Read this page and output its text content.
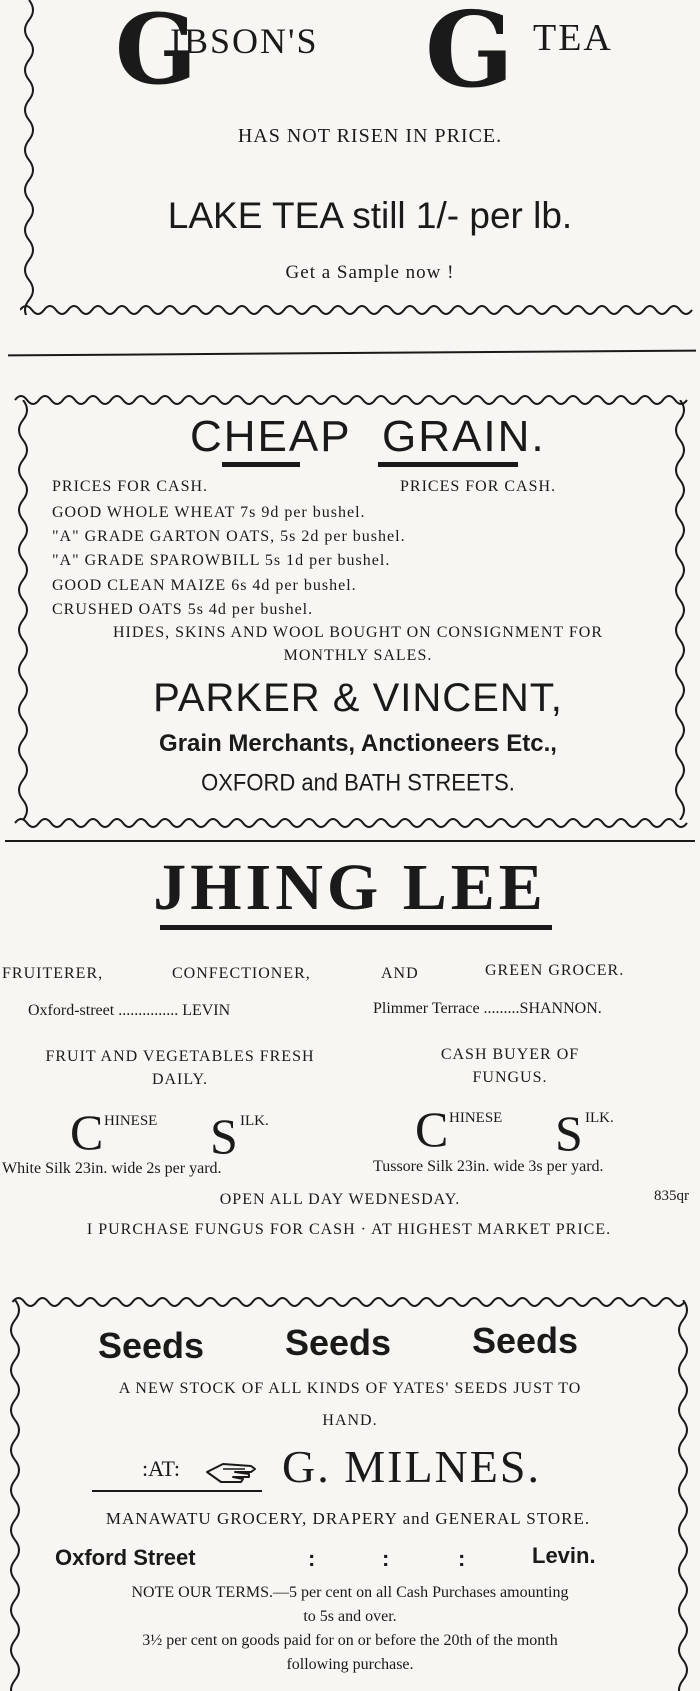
G
IBSON'S G TEA
HAS NOT RISEN IN PRICE.
LAKE TEA still 1/- per lb.
Get a Sample now !
CHEAP GRAIN.
PRICES FOR CASH.	PRICES FOR CASH.
GOOD WHOLE WHEAT 7s 9d per bushel.
"A" GRADE GARTON OATS, 5s 2d per bushel.
"A" GRADE SPAROWBILL 5s 1d per bushel.
GOOD CLEAN MAIZE 6s 4d per bushel.
CRUSHED OATS 5s 4d per bushel.
HIDES, SKINS AND WOOL BOUGHT ON CONSIGNMENT FOR
MONTHLY SALES.
PARKER & VINCENT,
Grain Merchants, Anctioneers Etc.,
OXFORD and BATH STREETS.
JHING LEE
FRUITERER,	CONFECTIONER,	AND	GREEN GROCER.
Oxford-street ............... LEVIN	Plimmer Terrace .........SHANNON.
FRUIT AND VEGETABLES FRESH
DAILY.
CASH BUYER OF
FUNGUS.
C HINESE S ILK.	C HINESE S ILK.
White Silk 23in. wide 2s per yard.	Tussore Silk 23in. wide 3s per yard.
OPEN ALL DAY WEDNESDAY.	835qr
I PURCHASE FUNGUS FOR CASH · AT HIGHEST MARKET PRICE.
Seeds Seeds Seeds
A NEW STOCK OF ALL KINDS OF YATES' SEEDS JUST TO
HAND.
:AT: G. MILNES.
MANAWATU GROCERY, DRAPERY and GENERAL STORE.
Oxford Street	:	:	:	Levin.
NOTE OUR TERMS.—5 per cent on all Cash Purchases amounting
to 5s and over.
3½ per cent on goods paid for on or before the 20th of the month
following purchase.
